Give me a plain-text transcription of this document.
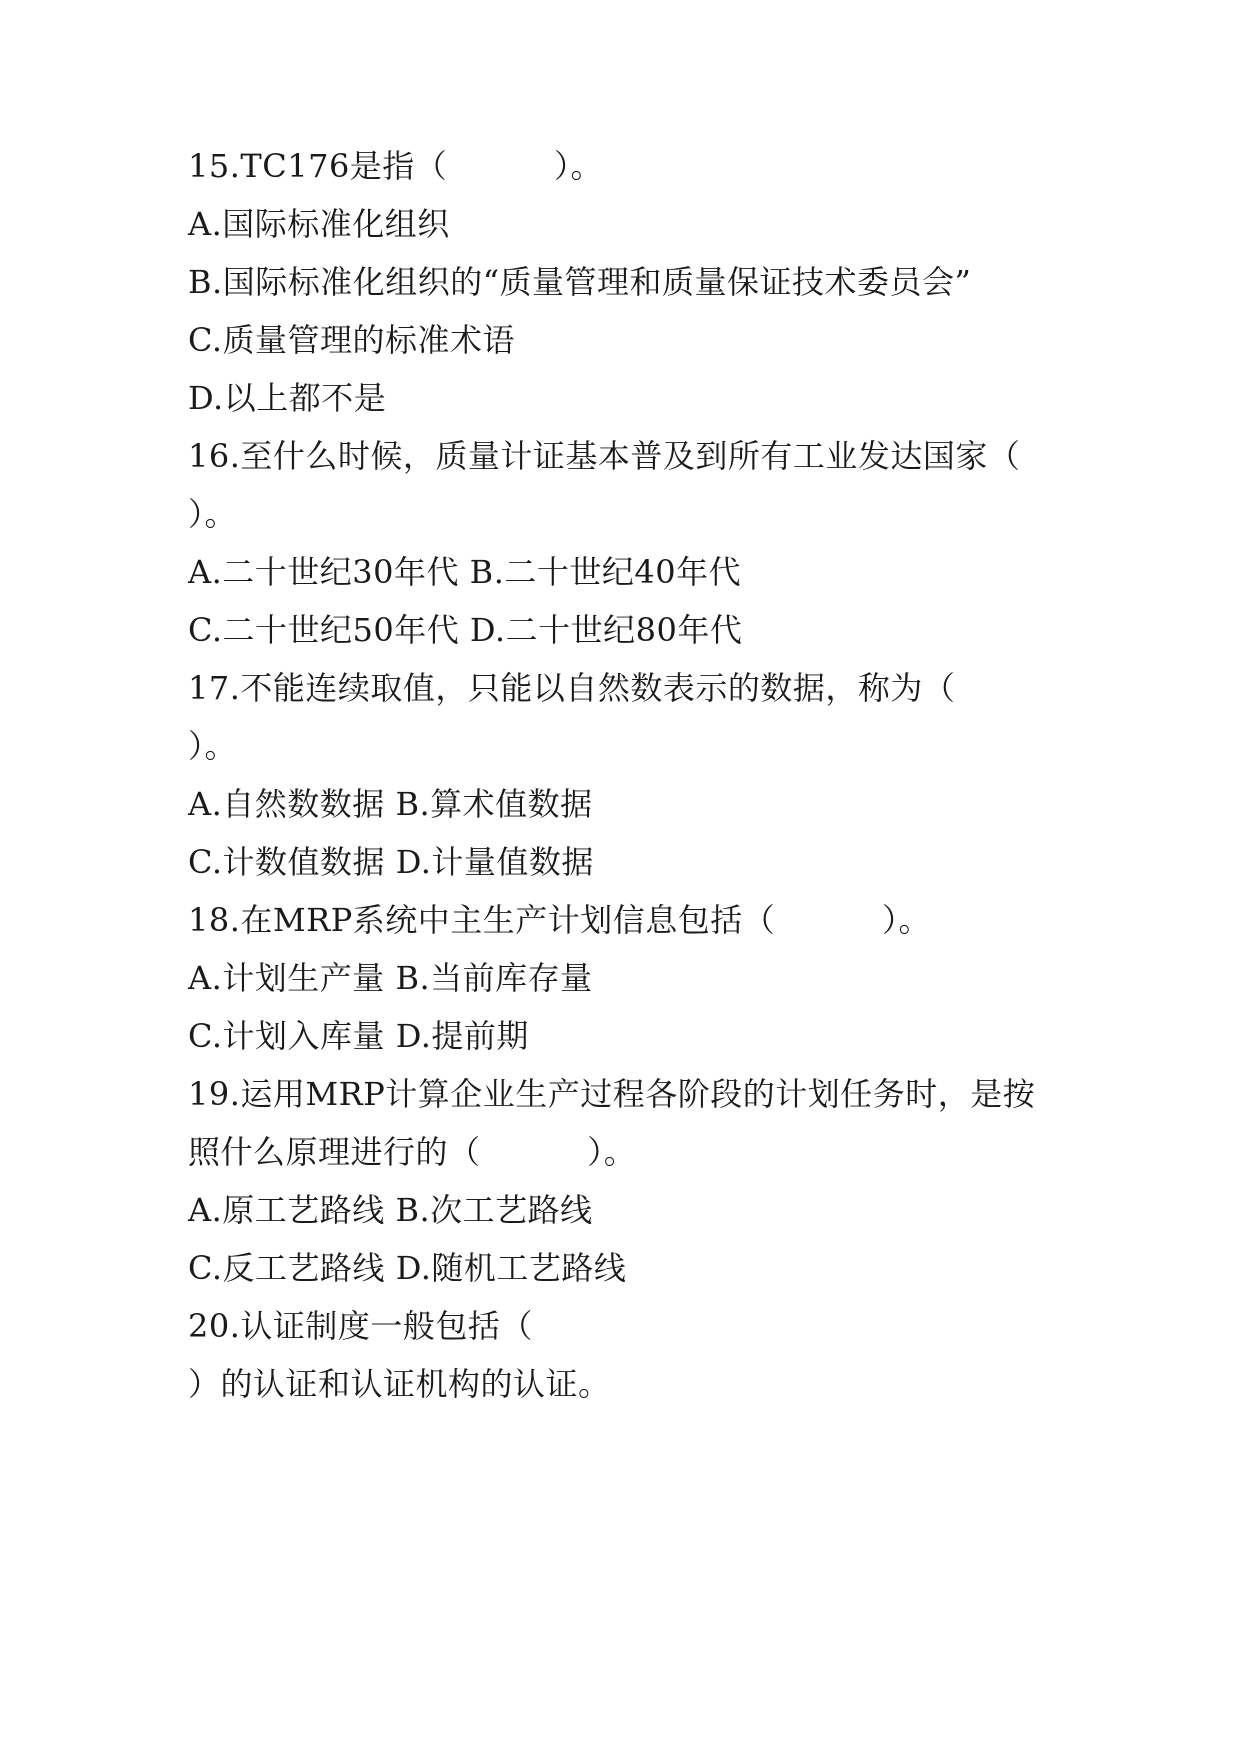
15.TC176是指（          ）。
A.国际标准化组织
B.国际标准化组织的“质量管理和质量保证技术委员会”
C.质量管理的标准术语
D.以上都不是
16.至什么时候，质量计证基本普及到所有工业发达国家（
）。
A.二十世纪30年代 B.二十世纪40年代
C.二十世纪50年代 D.二十世纪80年代
17.不能连续取值，只能以自然数表示的数据，称为（
）。
A.自然数数据 B.算术值数据
C.计数值数据 D.计量值数据
18.在MRP系统中主生产计划信息包括（          ）。
A.计划生产量 B.当前库存量
C.计划入库量 D.提前期
19.运用MRP计算企业生产过程各阶段的计划任务时，是按
照什么原理进行的（          ）。
A.原工艺路线 B.次工艺路线
C.反工艺路线 D.随机工艺路线
20.认证制度一般包括（
）的认证和认证机构的认证。
